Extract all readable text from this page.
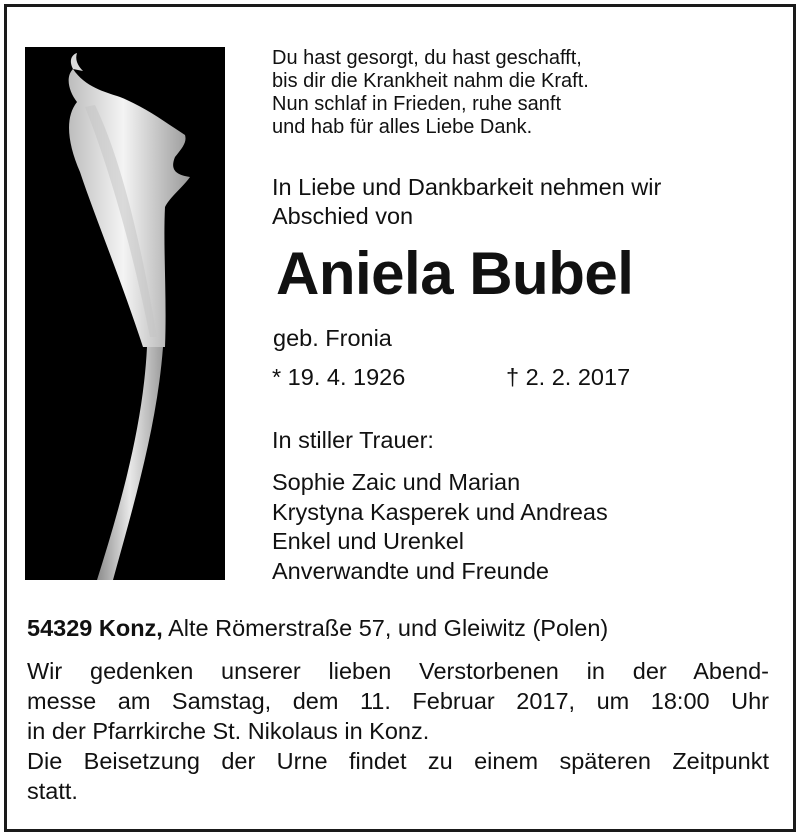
Du hast gesorgt, du hast geschafft,
bis dir die Krankheit nahm die Kraft.
Nun schlaf in Frieden, ruhe sanft
und hab für alles Liebe Dank.
In Liebe und Dankbarkeit nehmen wir
Abschied von
Aniela Bubel
geb. Fronia
* 19. 4. 1926	† 2. 2. 2017
In stiller Trauer:
Sophie Zaic und Marian
Krystyna Kasperek und Andreas
Enkel und Urenkel
Anverwandte und Freunde
54329 Konz, Alte Römerstraße 57, und Gleiwitz (Polen)
Wir gedenken unserer lieben Verstorbenen in der Abend-
messe am Samstag, dem 11. Februar 2017, um 18:00 Uhr
in der Pfarrkirche St. Nikolaus in Konz.
Die Beisetzung der Urne findet zu einem späteren Zeitpunkt
statt.
